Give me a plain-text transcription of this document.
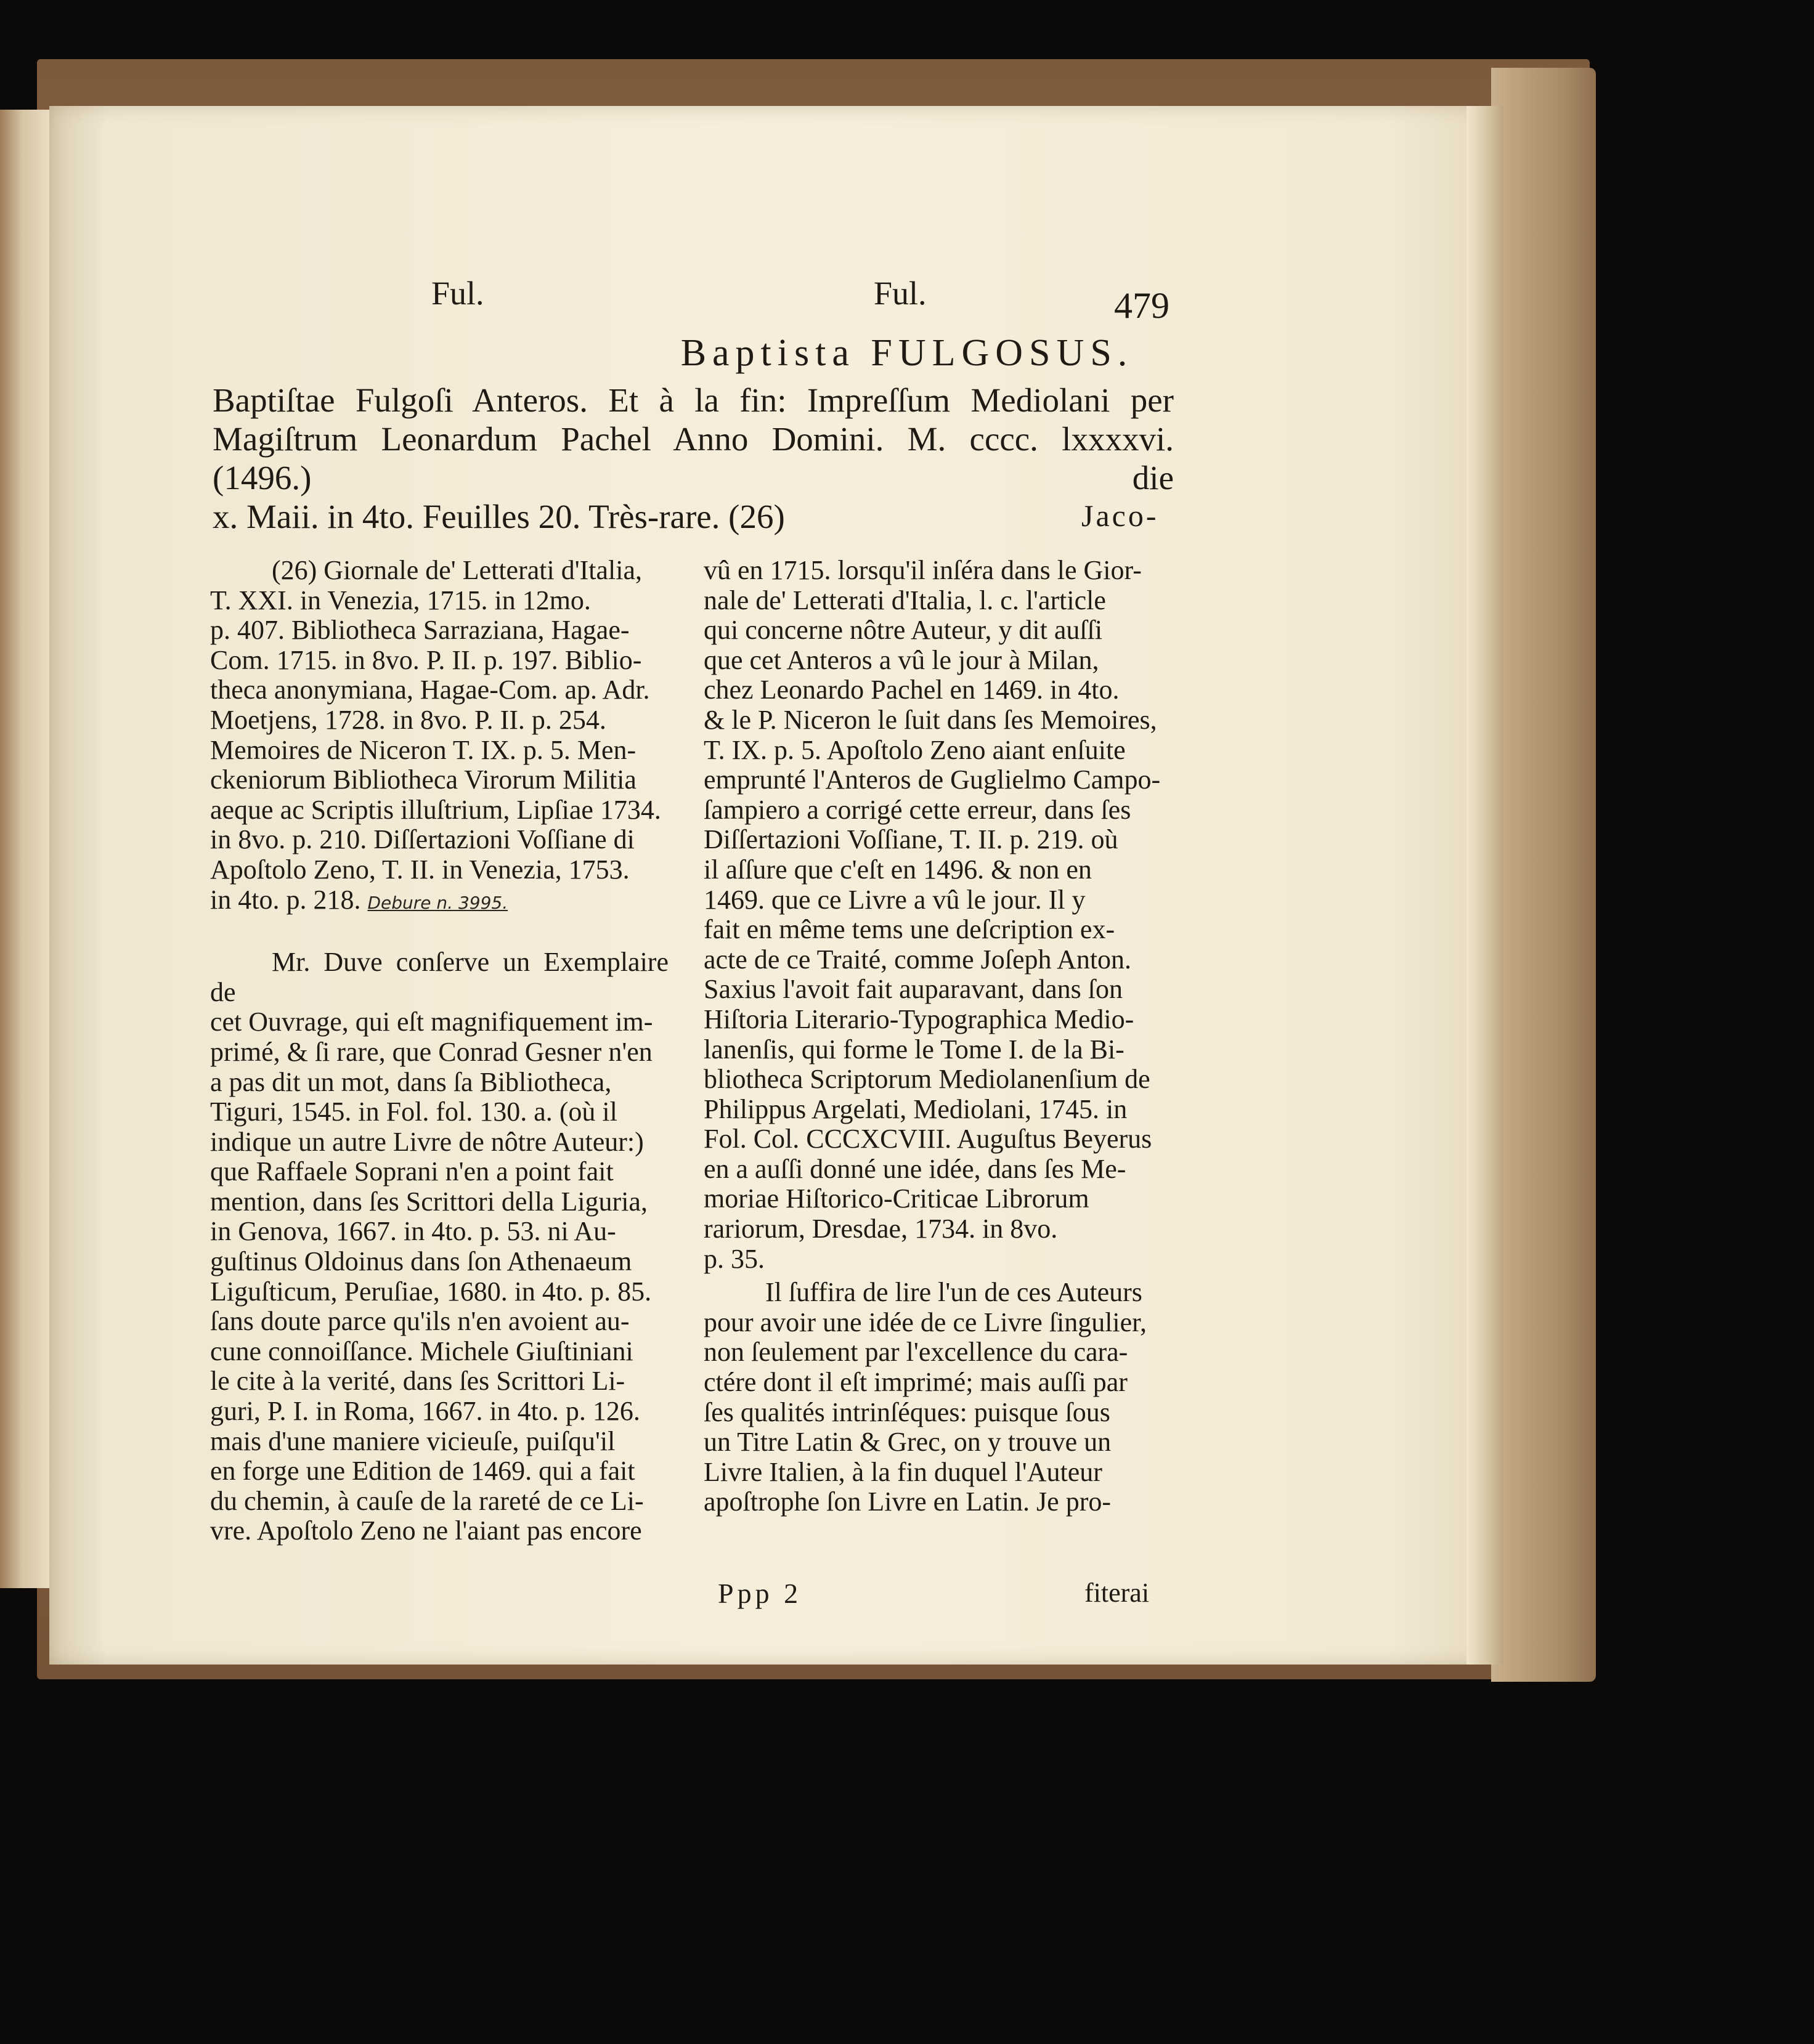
Ful.	Ful.	479
Baptista FULGOSUS.

Baptiſtae Fulgoſi Anteros. Et à la fin: Impreſſum Mediolani per

Magiſtrum Leonardum Pachel Anno Domini. M. cccc. lxxxxvi. (1496.) die

x. Maii. in 4to. Feuilles 20. Très-rare. (26)	Jaco-

(26) Giornale de' Letterati d'Italia,

T. XXI. in Venezia, 1715. in 12mo.

p. 407. Bibliotheca Sarraziana, Hagae-

Com. 1715. in 8vo. P. II. p. 197. Biblio-

theca anonymiana, Hagae-Com. ap. Adr.

Moetjens, 1728. in 8vo. P. II. p. 254.

Memoires de Niceron T. IX. p. 5. Men-

ckeniorum Bibliotheca Virorum Militia

aeque ac Scriptis illuſtrium, Lipſiae 1734.

in 8vo. p. 210. Diſſertazioni Voſſiane di

Apoſtolo Zeno, T. II. in Venezia, 1753.

in 4to. p. 218. Debure n. 3995.

Mr. Duve conſerve un Exemplaire de

cet Ouvrage, qui eſt magnifiquement im-

primé, & ſi rare, que Conrad Gesner n'en

a pas dit un mot, dans ſa Bibliotheca,

Tiguri, 1545. in Fol. fol. 130. a. (où il

indique un autre Livre de nôtre Auteur:)

que Raffaele Soprani n'en a point fait

mention, dans ſes Scrittori della Liguria,

in Genova, 1667. in 4to. p. 53. ni Au-

guſtinus Oldoinus dans ſon Athenaeum

Liguſticum, Peruſiae, 1680. in 4to. p. 85.

ſans doute parce qu'ils n'en avoient au-

cune connoiſſance. Michele Giuſtiniani

le cite à la verité, dans ſes Scrittori Li-

guri, P. I. in Roma, 1667. in 4to. p. 126.

mais d'une maniere vicieuſe, puiſqu'il

en forge une Edition de 1469. qui a fait

du chemin, à cauſe de la rareté de ce Li-

vre. Apoſtolo Zeno ne l'aiant pas encore

vû en 1715. lorsqu'il inſéra dans le Gior-

nale de' Letterati d'Italia, l. c. l'article

qui concerne nôtre Auteur, y dit auſſi

que cet Anteros a vû le jour à Milan,

chez Leonardo Pachel en 1469. in 4to.

& le P. Niceron le ſuit dans ſes Memoires,

T. IX. p. 5. Apoſtolo Zeno aiant enſuite

emprunté l'Anteros de Guglielmo Campo-

ſampiero a corrigé cette erreur, dans ſes

Diſſertazioni Voſſiane, T. II. p. 219. où

il aſſure que c'eſt en 1496. & non en

1469. que ce Livre a vû le jour. Il y

fait en même tems une deſcription ex-

acte de ce Traité, comme Joſeph Anton.

Saxius l'avoit fait auparavant, dans ſon

Hiſtoria Literario-Typographica Medio-

lanenſis, qui forme le Tome I. de la Bi-

bliotheca Scriptorum Mediolanenſium de

Philippus Argelati, Mediolani, 1745. in

Fol. Col. CCCXCVIII. Auguſtus Beyerus

en a auſſi donné une idée, dans ſes Me-

moriae Hiſtorico-Criticae Librorum

rariorum, Dresdae, 1734. in 8vo.

p. 35.

Il ſuffira de lire l'un de ces Auteurs

pour avoir une idée de ce Livre ſingulier,

non ſeulement par l'excellence du cara-

ctére dont il eſt imprimé; mais auſſi par

ſes qualités intrinſéques: puisque ſous

un Titre Latin & Grec, on y trouve un

Livre Italien, à la fin duquel l'Auteur

apoſtrophe ſon Livre en Latin. Je pro-

Ppp 2	fiterai
